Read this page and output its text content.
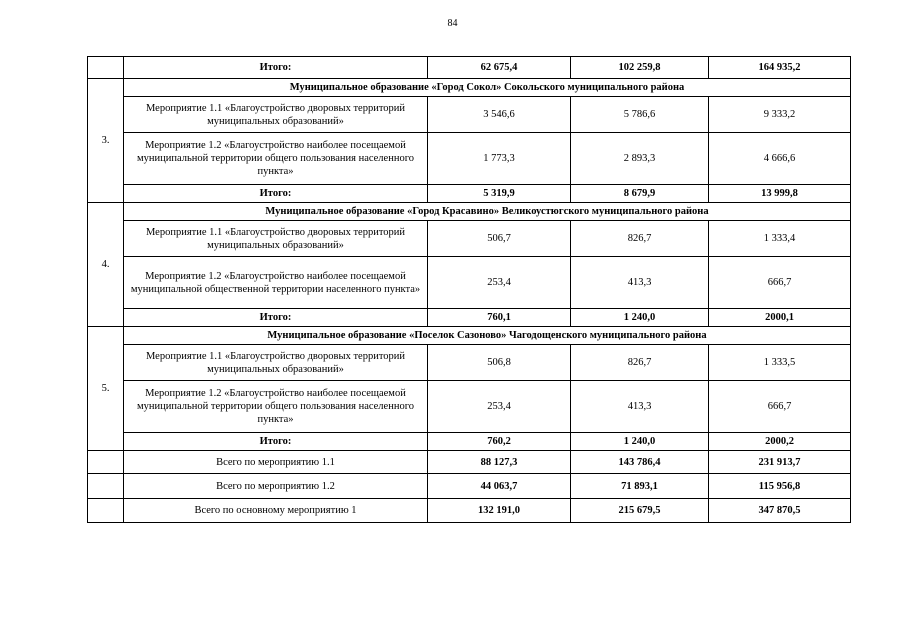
84
	Итого:	62 675,4	102 259,8	164 935,2
3.	Муниципальное образование «Город Сокол» Сокольского муниципального района			
	Мероприятие 1.1 «Благоустройство дворовых территорий муниципальных образований»	3 546,6	5 786,6	9 333,2
	Мероприятие 1.2 «Благоустройство наиболее посещаемой муниципальной территории общего пользования населенного пункта»	1 773,3	2 893,3	4 666,6
	Итого:	5 319,9	8 679,9	13 999,8
4.	Муниципальное образование «Город Красавино» Великоустюгского муниципального района			
	Мероприятие 1.1 «Благоустройство дворовых территорий муниципальных образований»	506,7	826,7	1 333,4
	Мероприятие 1.2 «Благоустройство наиболее посещаемой муниципальной общественной территории населенного пункта»	253,4	413,3	666,7
	Итого:	760,1	1 240,0	2000,1
5.	Муниципальное образование «Поселок Сазоново» Чагодощенского муниципального района			
	Мероприятие 1.1 «Благоустройство дворовых территорий муниципальных образований»	506,8	826,7	1 333,5
	Мероприятие 1.2 «Благоустройство наиболее посещаемой муниципальной территории общего пользования населенного пункта»	253,4	413,3	666,7
	Итого:	760,2	1 240,0	2000,2
	Всего по мероприятию 1.1	88 127,3	143 786,4	231 913,7
	Всего по мероприятию 1.2	44 063,7	71 893,1	115 956,8
	Всего по основному мероприятию 1	132 191,0	215 679,5	347 870,5
